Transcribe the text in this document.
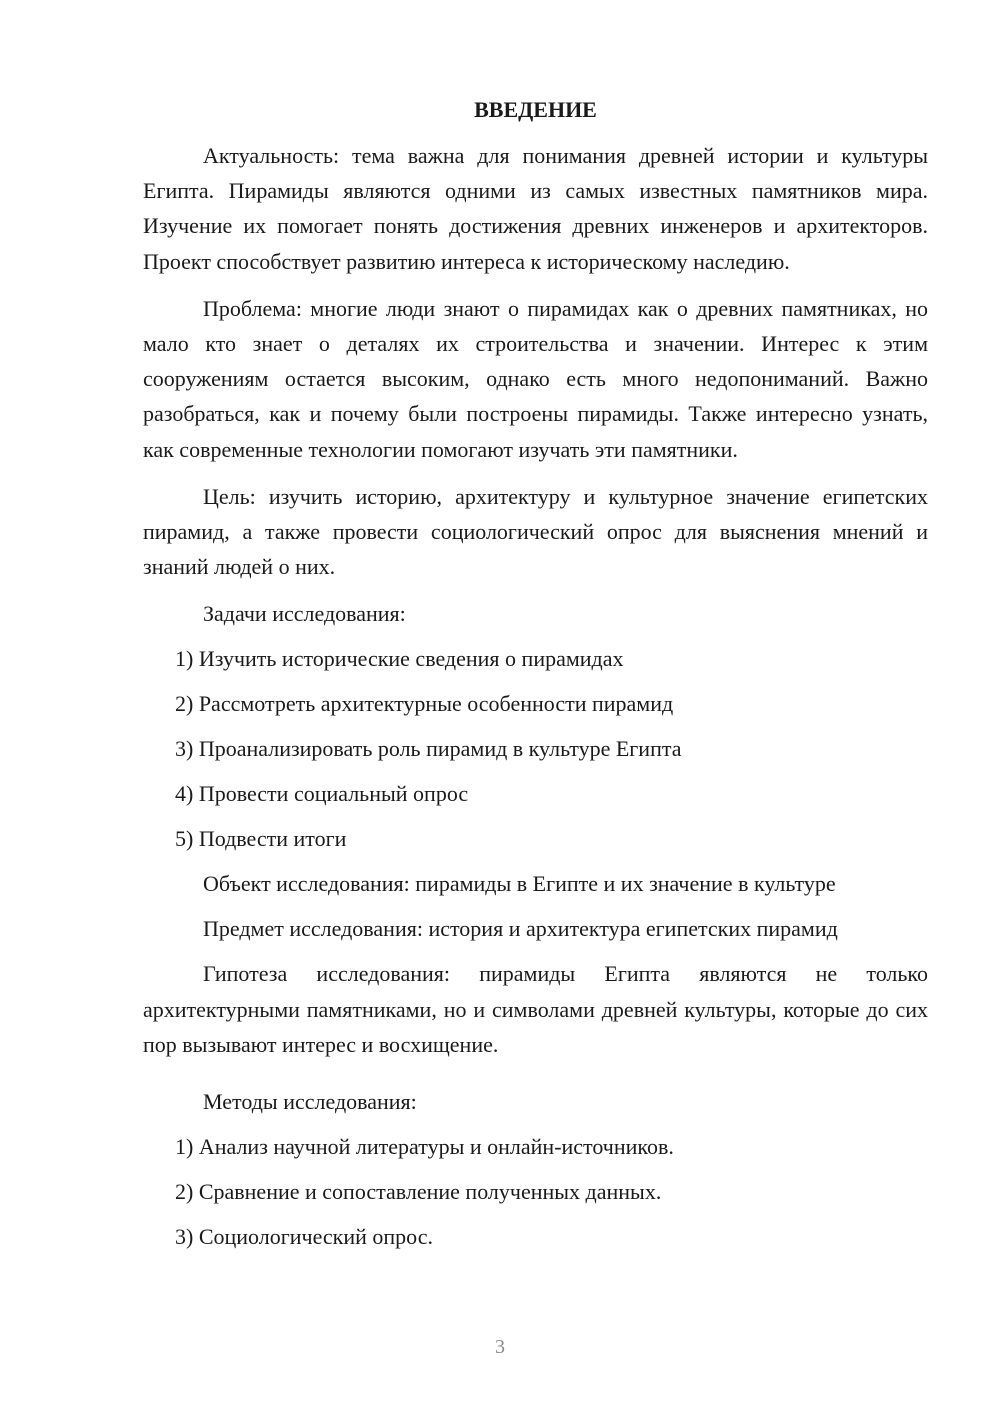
ВВЕДЕНИЕ

Актуальность: тема важна для понимания древней истории и культуры Египта. Пирамиды являются одними из самых известных памятников мира. Изучение их помогает понять достижения древних инженеров и архитекторов. Проект способствует развитию интереса к историческому наследию.

Проблема: многие люди знают о пирамидах как о древних памятниках, но мало кто знает о деталях их строительства и значении. Интерес к этим сооружениям остается высоким, однако есть много недопониманий. Важно разобраться, как и почему были построены пирамиды. Также интересно узнать, как современные технологии помогают изучать эти памятники.

Цель: изучить историю, архитектуру и культурное значение египетских пирамид, а также провести социологический опрос для выяснения мнений и знаний людей о них.

Задачи исследования:
1) Изучить исторические сведения о пирамидах
2) Рассмотреть архитектурные особенности пирамид
3) Проанализировать роль пирамид в культуре Египта
4) Провести социальный опрос
5) Подвести итоги
Объект исследования: пирамиды в Египте и их значение в культуре
Предмет исследования: история и архитектура египетских пирамид

Гипотеза исследования: пирамиды Египта являются не только архитектурными памятниками, но и символами древней культуры, которые до сих пор вызывают интерес и восхищение.

Методы исследования:
1) Анализ научной литературы и онлайн-источников.
2) Сравнение и сопоставление полученных данных.
3) Социологический опрос.
3
